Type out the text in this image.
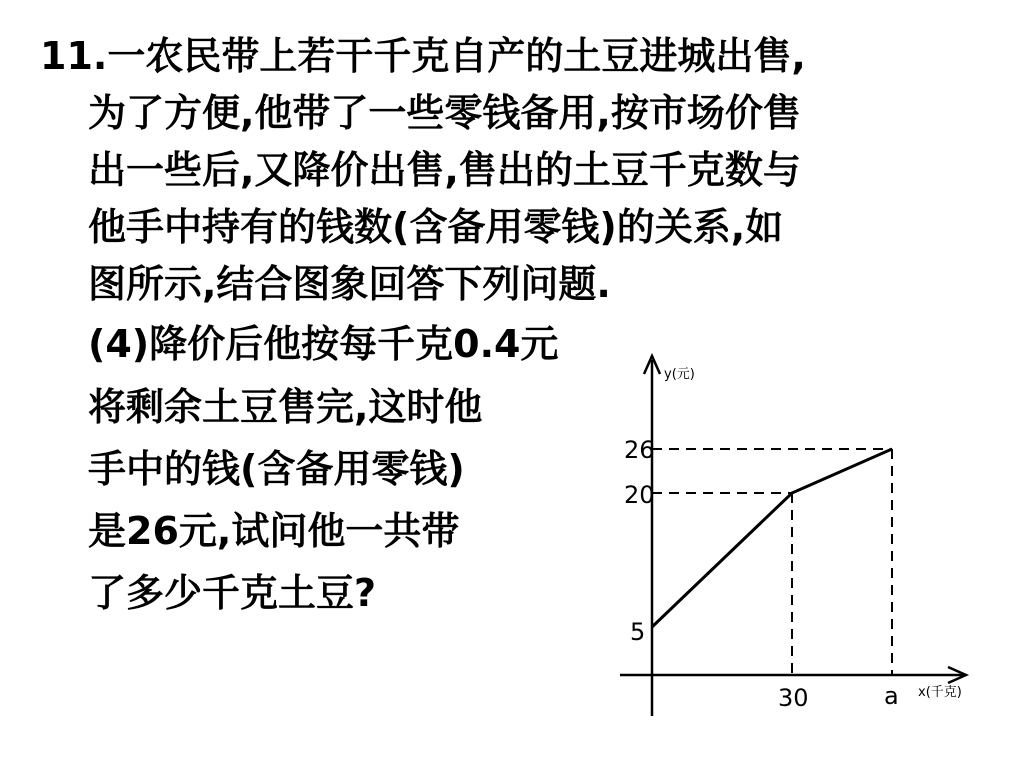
11.一农民带上若干千克自产的土豆进城出售,
为了方便,他带了一些零钱备用,按市场价售
出一些后,又降价出售,售出的土豆千克数与
他手中持有的钱数(含备用零钱)的关系,如
图所示,结合图象回答下列问题.
(4)降价后他按每千克0.4元
将剩余土豆售完,这时他
手中的钱(含备用零钱)
是26元,试问他一共带
了多少千克土豆?
y(元)
x(千克)
26
20
5
30	a
